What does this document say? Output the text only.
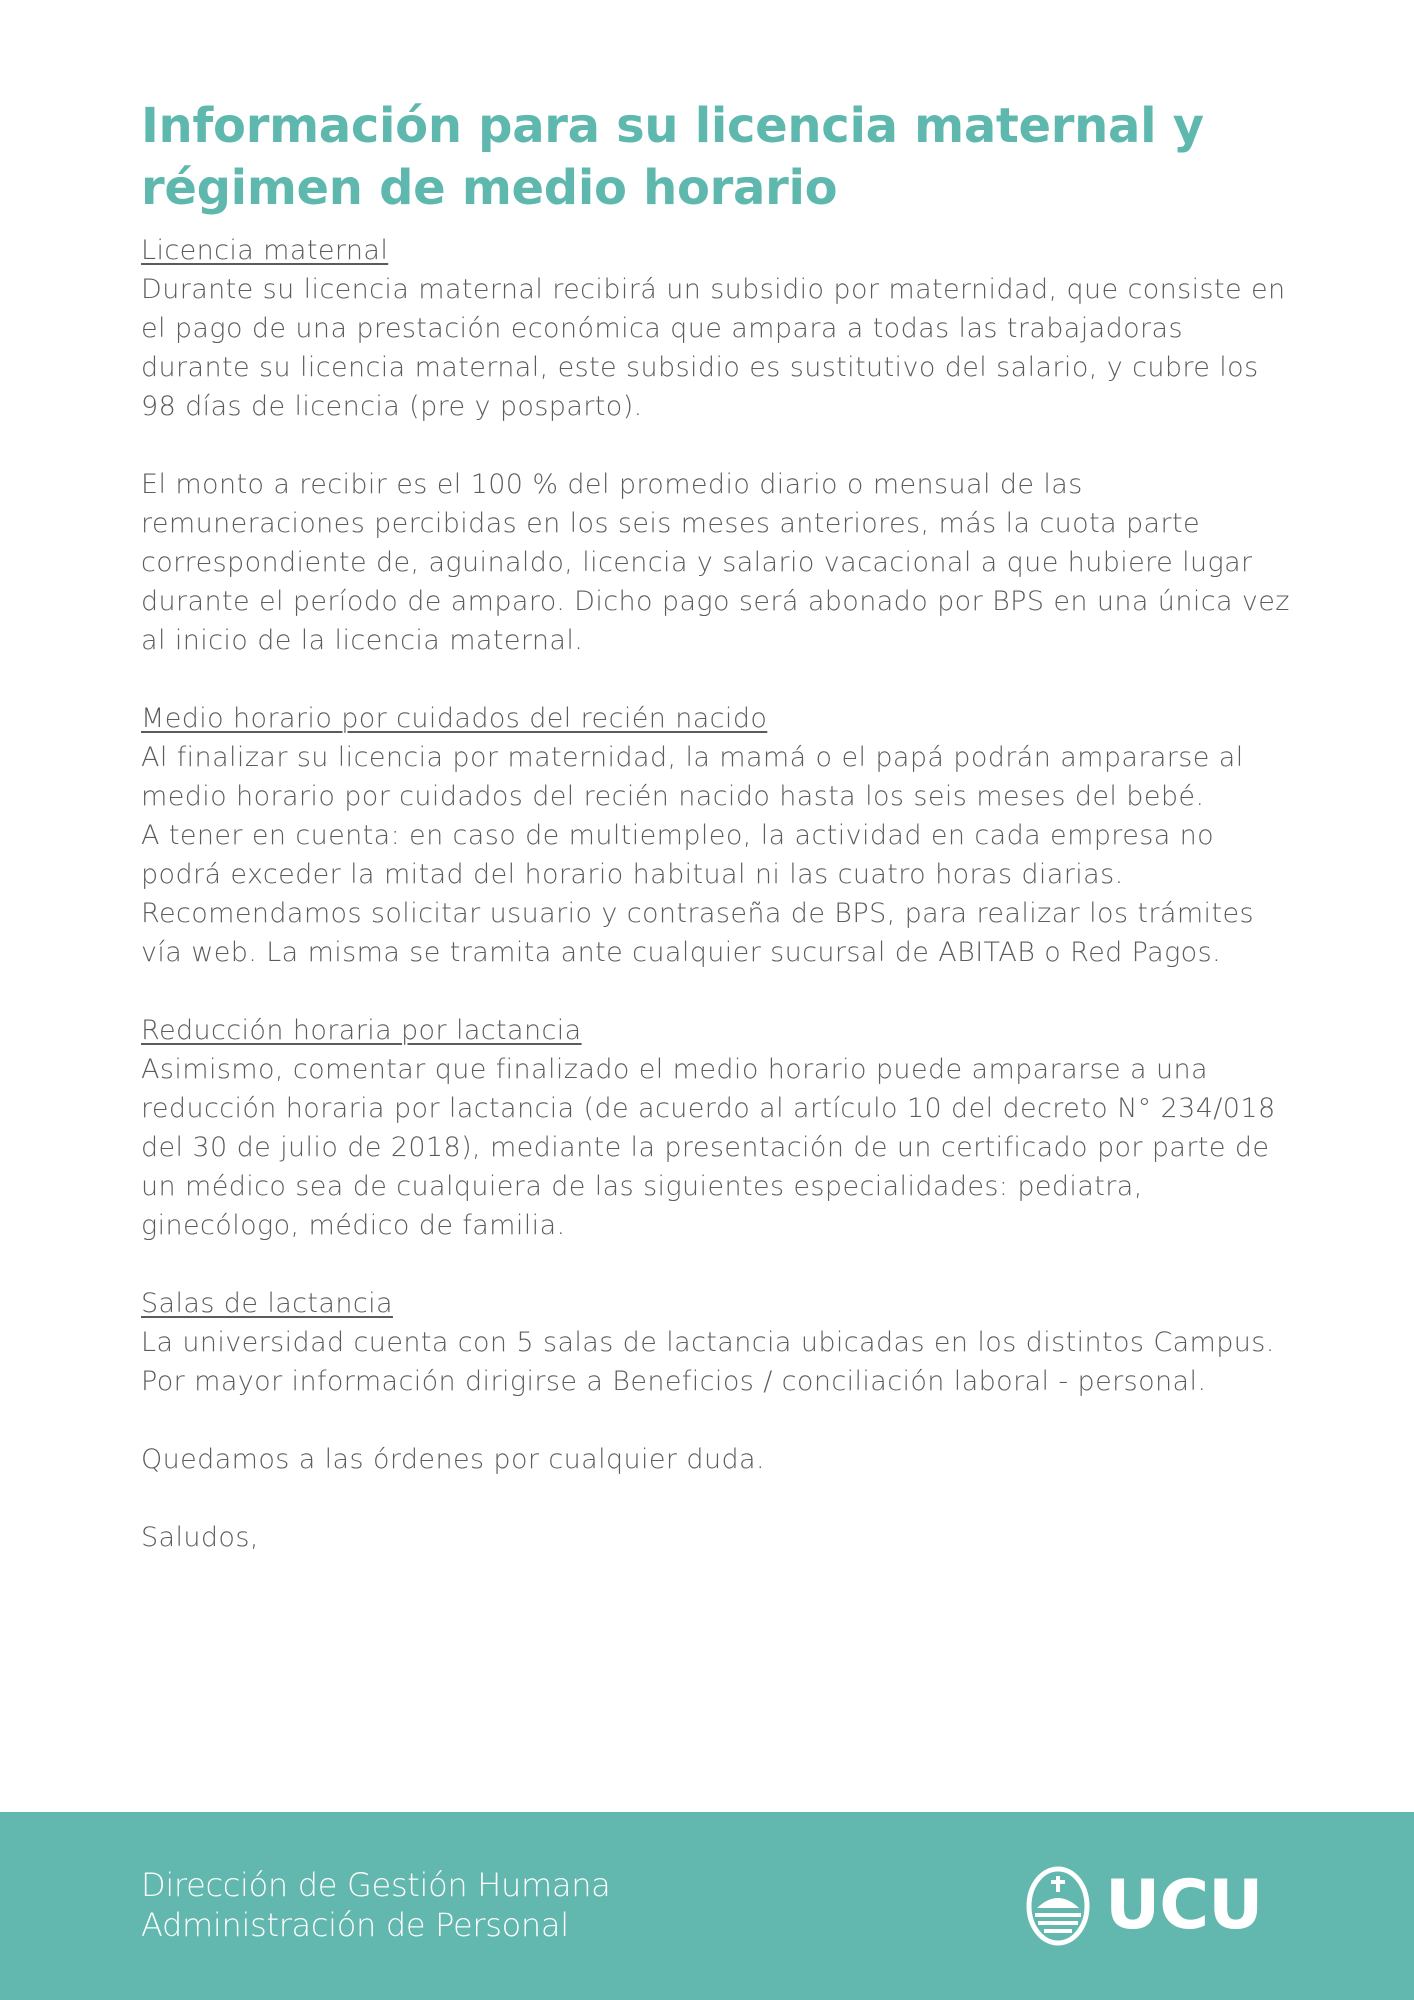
Información para su licencia maternal y régimen de medio horario

Licencia maternal

Durante su licencia maternal recibirá un subsidio por maternidad, que consiste en el pago de una prestación económica que ampara a todas las trabajadoras durante su licencia maternal, este subsidio es sustitutivo del salario, y cubre los 98 días de licencia (pre y posparto).

El monto a recibir es el 100 % del promedio diario o mensual de las remuneraciones percibidas en los seis meses anteriores, más la cuota parte correspondiente de, aguinaldo, licencia y salario vacacional a que hubiere lugar durante el período de amparo. Dicho pago será abonado por BPS en una única vez al inicio de la licencia maternal.

Medio horario por cuidados del recién nacido

Al finalizar su licencia por maternidad, la mamá o el papá podrán ampararse al medio horario por cuidados del recién nacido hasta los seis meses del bebé.

A tener en cuenta: en caso de multiempleo, la actividad en cada empresa no podrá exceder la mitad del horario habitual ni las cuatro horas diarias.

Recomendamos solicitar usuario y contraseña de BPS, para realizar los trámites vía web. La misma se tramita ante cualquier sucursal de ABITAB o Red Pagos.

Reducción horaria por lactancia

Asimismo, comentar que finalizado el medio horario puede ampararse a una reducción horaria por lactancia (de acuerdo al artículo 10 del decreto N° 234/018 del 30 de julio de 2018), mediante la presentación de un certificado por parte de un médico sea de cualquiera de las siguientes especialidades: pediatra, ginecólogo, médico de familia.

Salas de lactancia

La universidad cuenta con 5 salas de lactancia ubicadas en los distintos Campus. Por mayor información dirigirse a Beneficios / conciliación laboral - personal.

Quedamos a las órdenes por cualquier duda.

Saludos,

Dirección de Gestión Humana
Administración de Personal	UCU
